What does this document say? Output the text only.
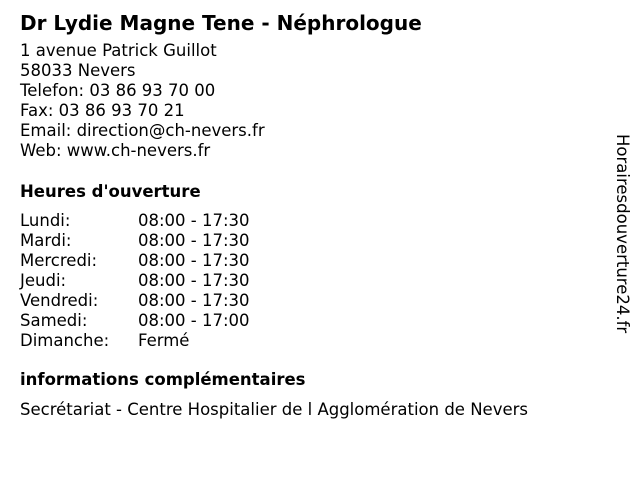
Dr Lydie Magne Tene - Néphrologue
1 avenue Patrick Guillot
58033 Nevers
Telefon: 03 86 93 70 00
Fax: 03 86 93 70 21
Email: direction@ch-nevers.fr
Web: www.ch-nevers.fr
Heures d'ouverture
Lundi:	08:00 - 17:30
Mardi:	08:00 - 17:30
Mercredi:	08:00 - 17:30
Jeudi:	08:00 - 17:30
Vendredi:	08:00 - 17:30
Samedi:	08:00 - 17:00
Dimanche:	Fermé
informations complémentaires
Secrétariat - Centre Hospitalier de l Agglomération de Nevers
Horairesdouverture24.fr
